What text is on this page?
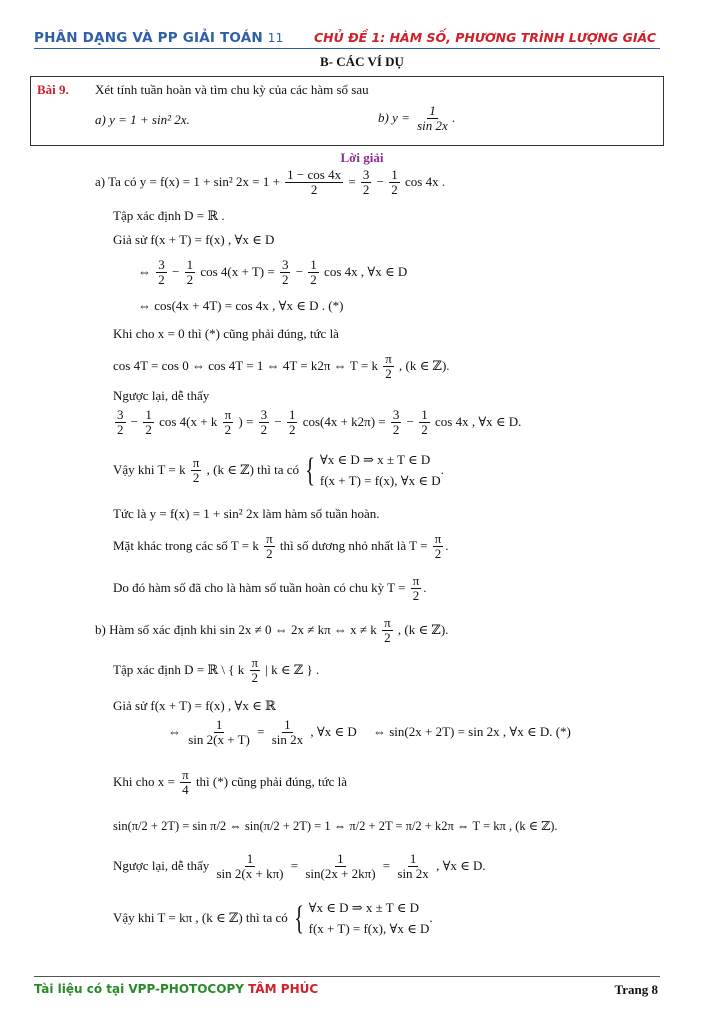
PHÂN DẠNG VÀ PP GIẢI TOÁN 11 CHỦ ĐỀ 1: HÀM SỐ, PHƯƠNG TRÌNH LƯỢNG GIÁC
B- CÁC VÍ DỤ
Bài 9. Xét tính tuần hoàn và tìm chu kỳ của các hàm số sau
a) y = 1 + sin² 2x.	b) $y = \frac{1}{\sin 2x}$ .
Lời giải
a) Ta có y = f(x) = 1 + sin² $2x = 1 + \frac{1 - \cos 4x}{2} = \frac{3}{2} - \frac{1}{2}$ cos 4x .
Tập xác định D = ℝ .
Giả sử f(x + T) = f(x) , ∀x ∈ D
⇔ $\frac{3}{2} - \frac{1}{2}$ $\cos 4(x + T) = \frac{3}{2} - \frac{1}{2}$ cos 4x , ∀x ∈ D
⇔ cos(4x + 4T) = cos 4x , ∀x ∈ D . (*)
Khi cho x = 0 thì (*) cũng phải đúng, tức là
cos 4T = cos 0 ⇔ cos 4T = 1 ⇔ 4T = k2π ⇔ T = k $\frac{\pi}{2}$ , (k ∈ ℤ).
Ngược lại, dễ thấy
$\frac{3}{2} - \frac{1}{2}$ cos 4(x + k $\frac{\pi}{2}$ ) = $\frac{3}{2} - \frac{1}{2} \cos(4x + k2\pi) = \frac{3}{2} - \frac{1}{2}$ cos 4x , ∀x ∈ D.
Vậy khi T = k $\frac{\pi}{2}$ , (k ∈ ℤ) thì ta có { ∀x ∈ D ⇒ x ± T ∈ D
f(x + T) = f(x), ∀x ∈ D.
Tức là y = f(x) = 1 + sin² 2x làm hàm số tuần hoàn.
Mặt khác trong các số T = k $\frac{\pi}{2}$ thì số dương nhỏ nhất là $T = \frac{\pi}{2}$ .
Do đó hàm số đã cho là hàm số tuần hoàn có chu kỳ $T = \frac{\pi}{2}$ .
b) Hàm số xác định khi sin 2x ≠ 0 ⇔ 2x ≠ kπ ⇔ x ≠ k $\frac{\pi}{2}$ , (k ∈ ℤ).
Tập xác định D = ℝ \ { k $\frac{\pi}{2}$ | k ∈ ℤ } .
Giả sử f(x + T) = f(x) , ∀x ∈ ℝ
⇔ $\frac{1}{\sin 2(x + T)} = \frac{1}{\sin 2x}$ , ∀x ∈ D ⇔ sin(2x + 2T) = sin 2x , ∀x ∈ D. (*)
Khi cho $x = \frac{\pi}{4}$ thì (*) cũng phải đúng, tức là
sin(π/2 + 2T) = sin π/2 ⇔ sin(π/2 + 2T) = 1 ⇔ π/2 + 2T = π/2 + k2π ⇔ T = kπ , (k ∈ ℤ).
Ngược lại, dễ thấy $\frac{1}{\sin 2(x + k\pi)} = \frac{1}{\sin(2x + 2k\pi)} = \frac{1}{\sin 2x}$ , ∀x ∈ D.
Vậy khi T = kπ , (k ∈ ℤ) thì ta có { ∀x ∈ D ⇒ x ± T ∈ D
f(x + T) = f(x), ∀x ∈ D.
Tài liệu có tại VPP-PHOTOCOPY TÂM PHÚC	Trang 8
